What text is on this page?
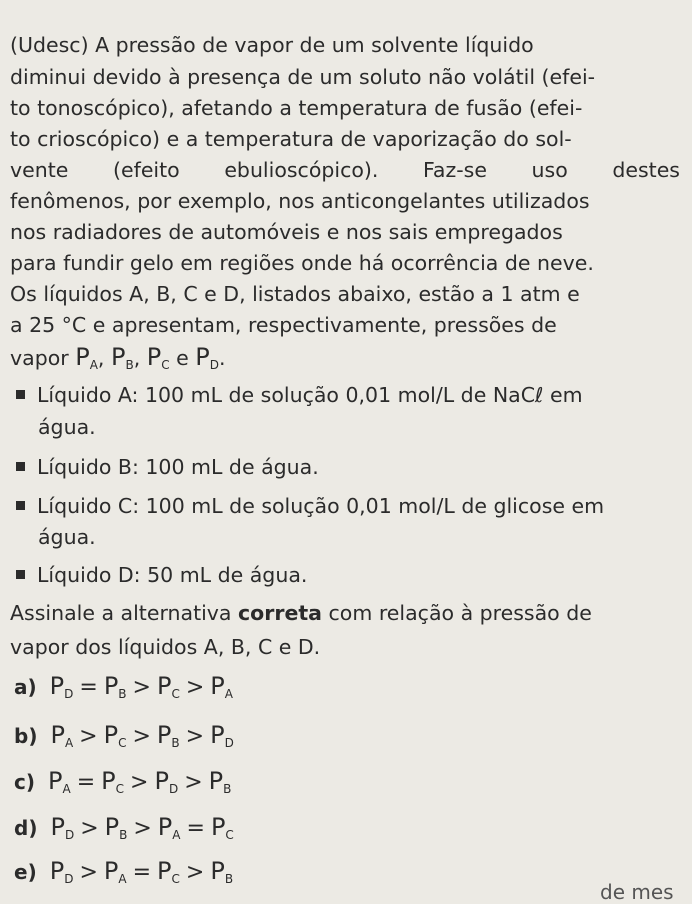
(Udesc) A pressão de vapor de um solvente líquido
diminui devido à presença de um soluto não volátil (efei-
to tonoscópico), afetando a temperatura de fusão (efei-
to crioscópico) e a temperatura de vaporização do sol-
vente (efeito ebulioscópico). Faz-se uso destes
fenômenos, por exemplo, nos anticongelantes utilizados
nos radiadores de automóveis e nos sais empregados
para fundir gelo em regiões onde há ocorrência de neve.
Os líquidos A, B, C e D, listados abaixo, estão a 1 atm e
a 25 °C e apresentam, respectivamente, pressões de
vapor $P_A$, $P_B$, $P_C$ e $P_D$.
Líquido A: 100 mL de solução 0,01 mol/L de NaCℓ em
água.
Líquido B: 100 mL de água.
Líquido C: 100 mL de solução 0,01 mol/L de glicose em
água.
Líquido D: 50 mL de água.
Assinale a alternativa correta com relação à pressão de
vapor dos líquidos A, B, C e D.
a) $P_D = P_B > P_C > P_A$
b) $P_A > P_C > P_B > P_D$
c) $P_A = P_C > P_D > P_B$
d) $P_D > P_B > P_A = P_C$
e) $P_D > P_A = P_C > P_B$
de mes
